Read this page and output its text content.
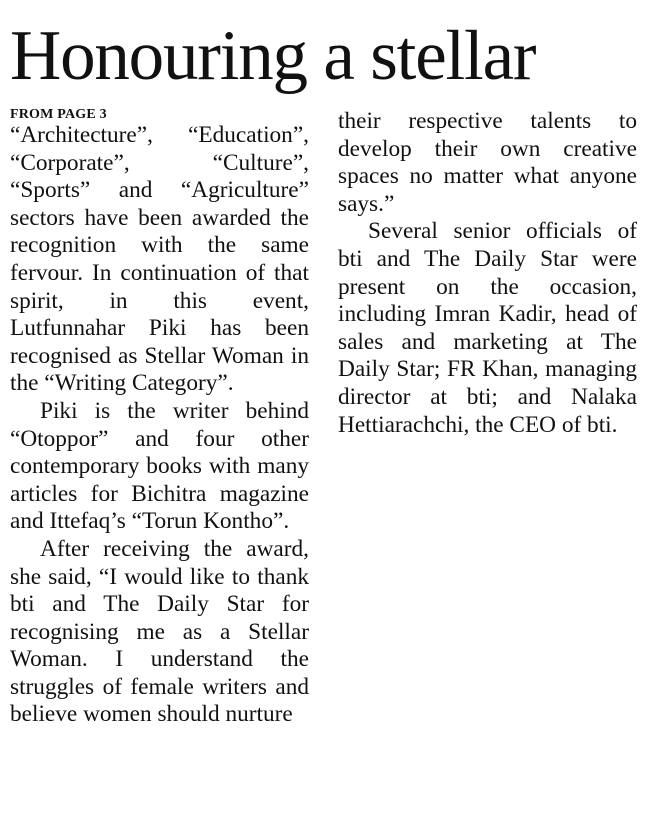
Honouring a stellar
FROM PAGE 3

“Architecture”, “Education”, “Corporate”, “Culture”, “Sports” and “Agriculture” sectors have been awarded the recognition with the same fervour. In continuation of that spirit, in this event, Lutfunnahar Piki has been recognised as Stellar Woman in the “Writing Category”.

Piki is the writer behind “Otoppor” and four other contemporary books with many articles for Bichitra magazine and Ittefaq’s “Torun Kontho”.

After receiving the award, she said, “I would like to thank bti and The Daily Star for recognising me as a Stellar Woman. I understand the struggles of female writers and believe women should nurture

their respective talents to develop their own creative spaces no matter what anyone says.”

Several senior officials of bti and The Daily Star were present on the occasion, including Imran Kadir, head of sales and marketing at The Daily Star; FR Khan, managing director at bti; and Nalaka Hettiarachchi, the CEO of bti.
